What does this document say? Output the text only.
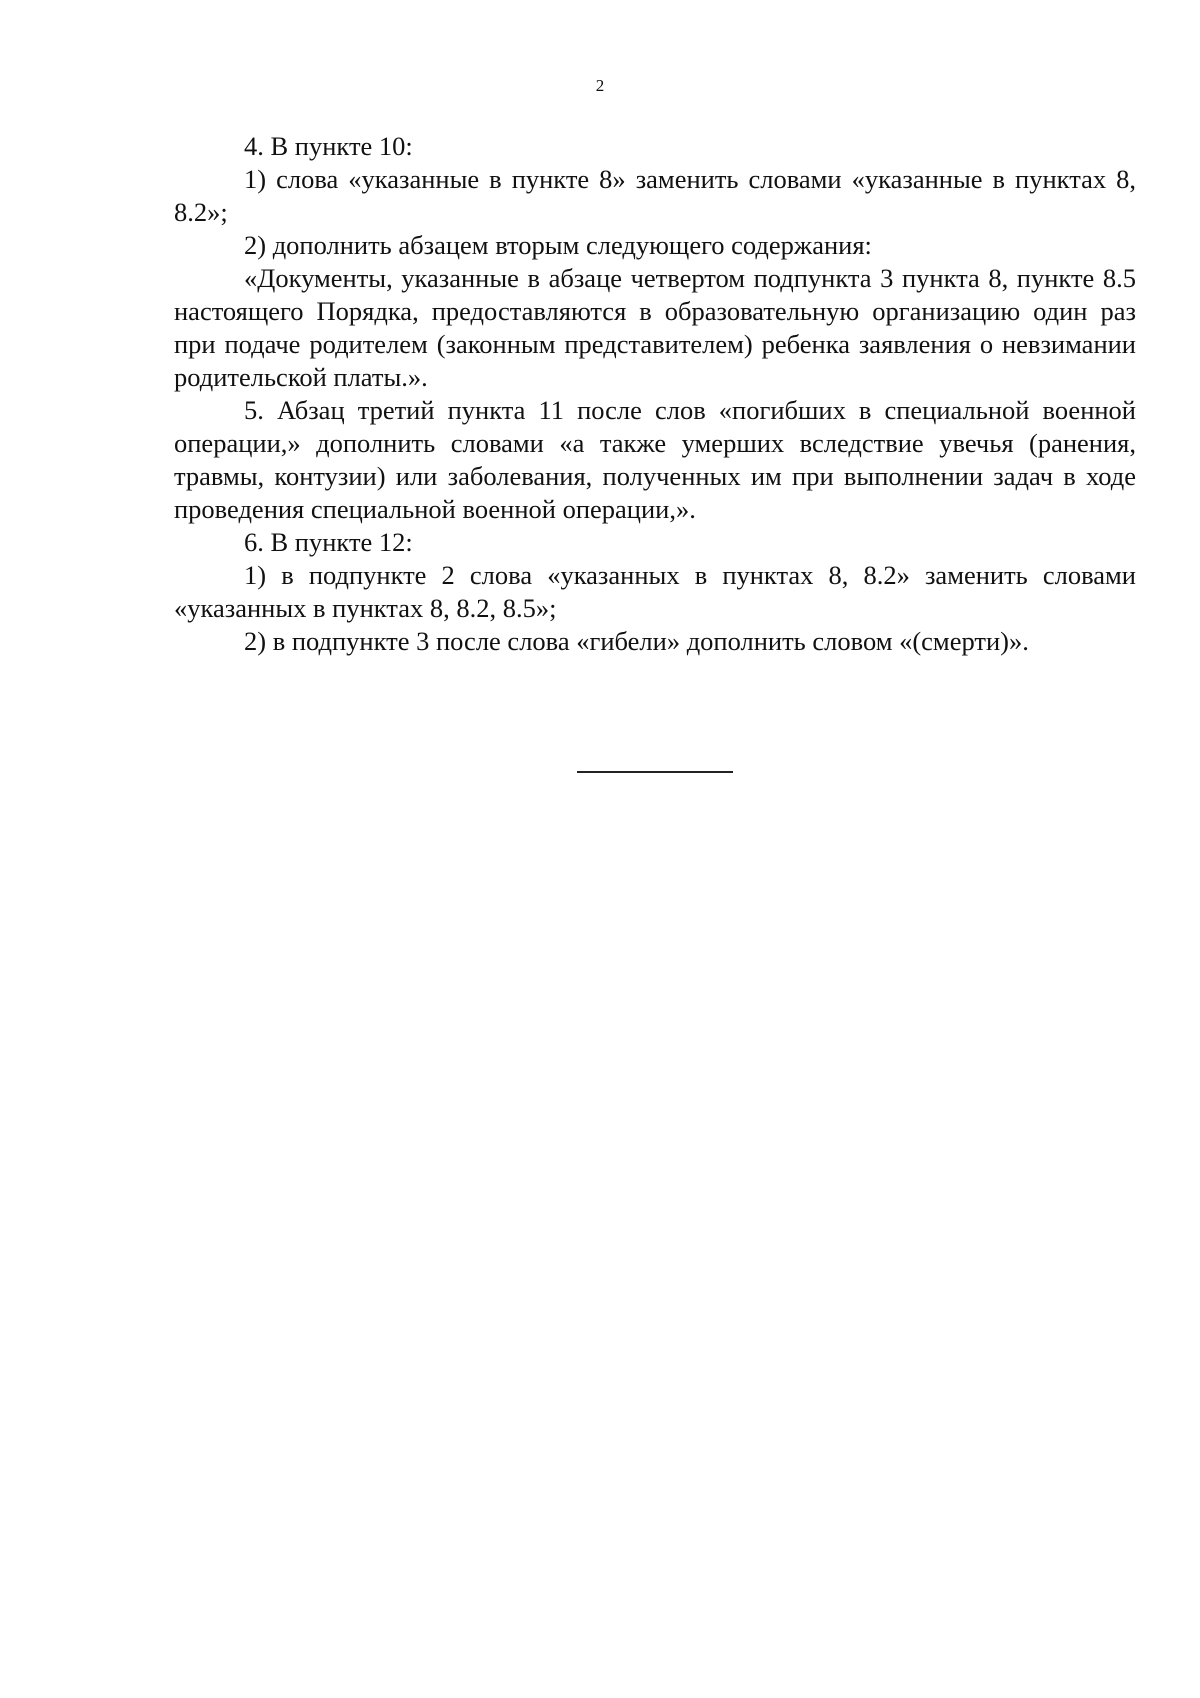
2

4. В пункте 10:

1) слова «указанные в пункте 8» заменить словами «указанные в пунктах 8, 8.2»;

2) дополнить абзацем вторым следующего содержания:

«Документы, указанные в абзаце четвертом подпункта 3 пункта 8, пункте 8.5 настоящего Порядка, предоставляются в образовательную организацию один раз при подаче родителем (законным представителем) ребенка заявления о невзимании родительской платы.».

5. Абзац третий пункта 11 после слов «погибших в специальной военной операции,» дополнить словами «а также умерших вследствие увечья (ранения, травмы, контузии) или заболевания, полученных им при выполнении задач в ходе проведения специальной военной операции,».

6. В пункте 12:

1) в подпункте 2 слова «указанных в пунктах 8, 8.2» заменить словами «указанных в пунктах 8, 8.2, 8.5»;

2) в подпункте 3 после слова «гибели» дополнить словом «(смерти)».
